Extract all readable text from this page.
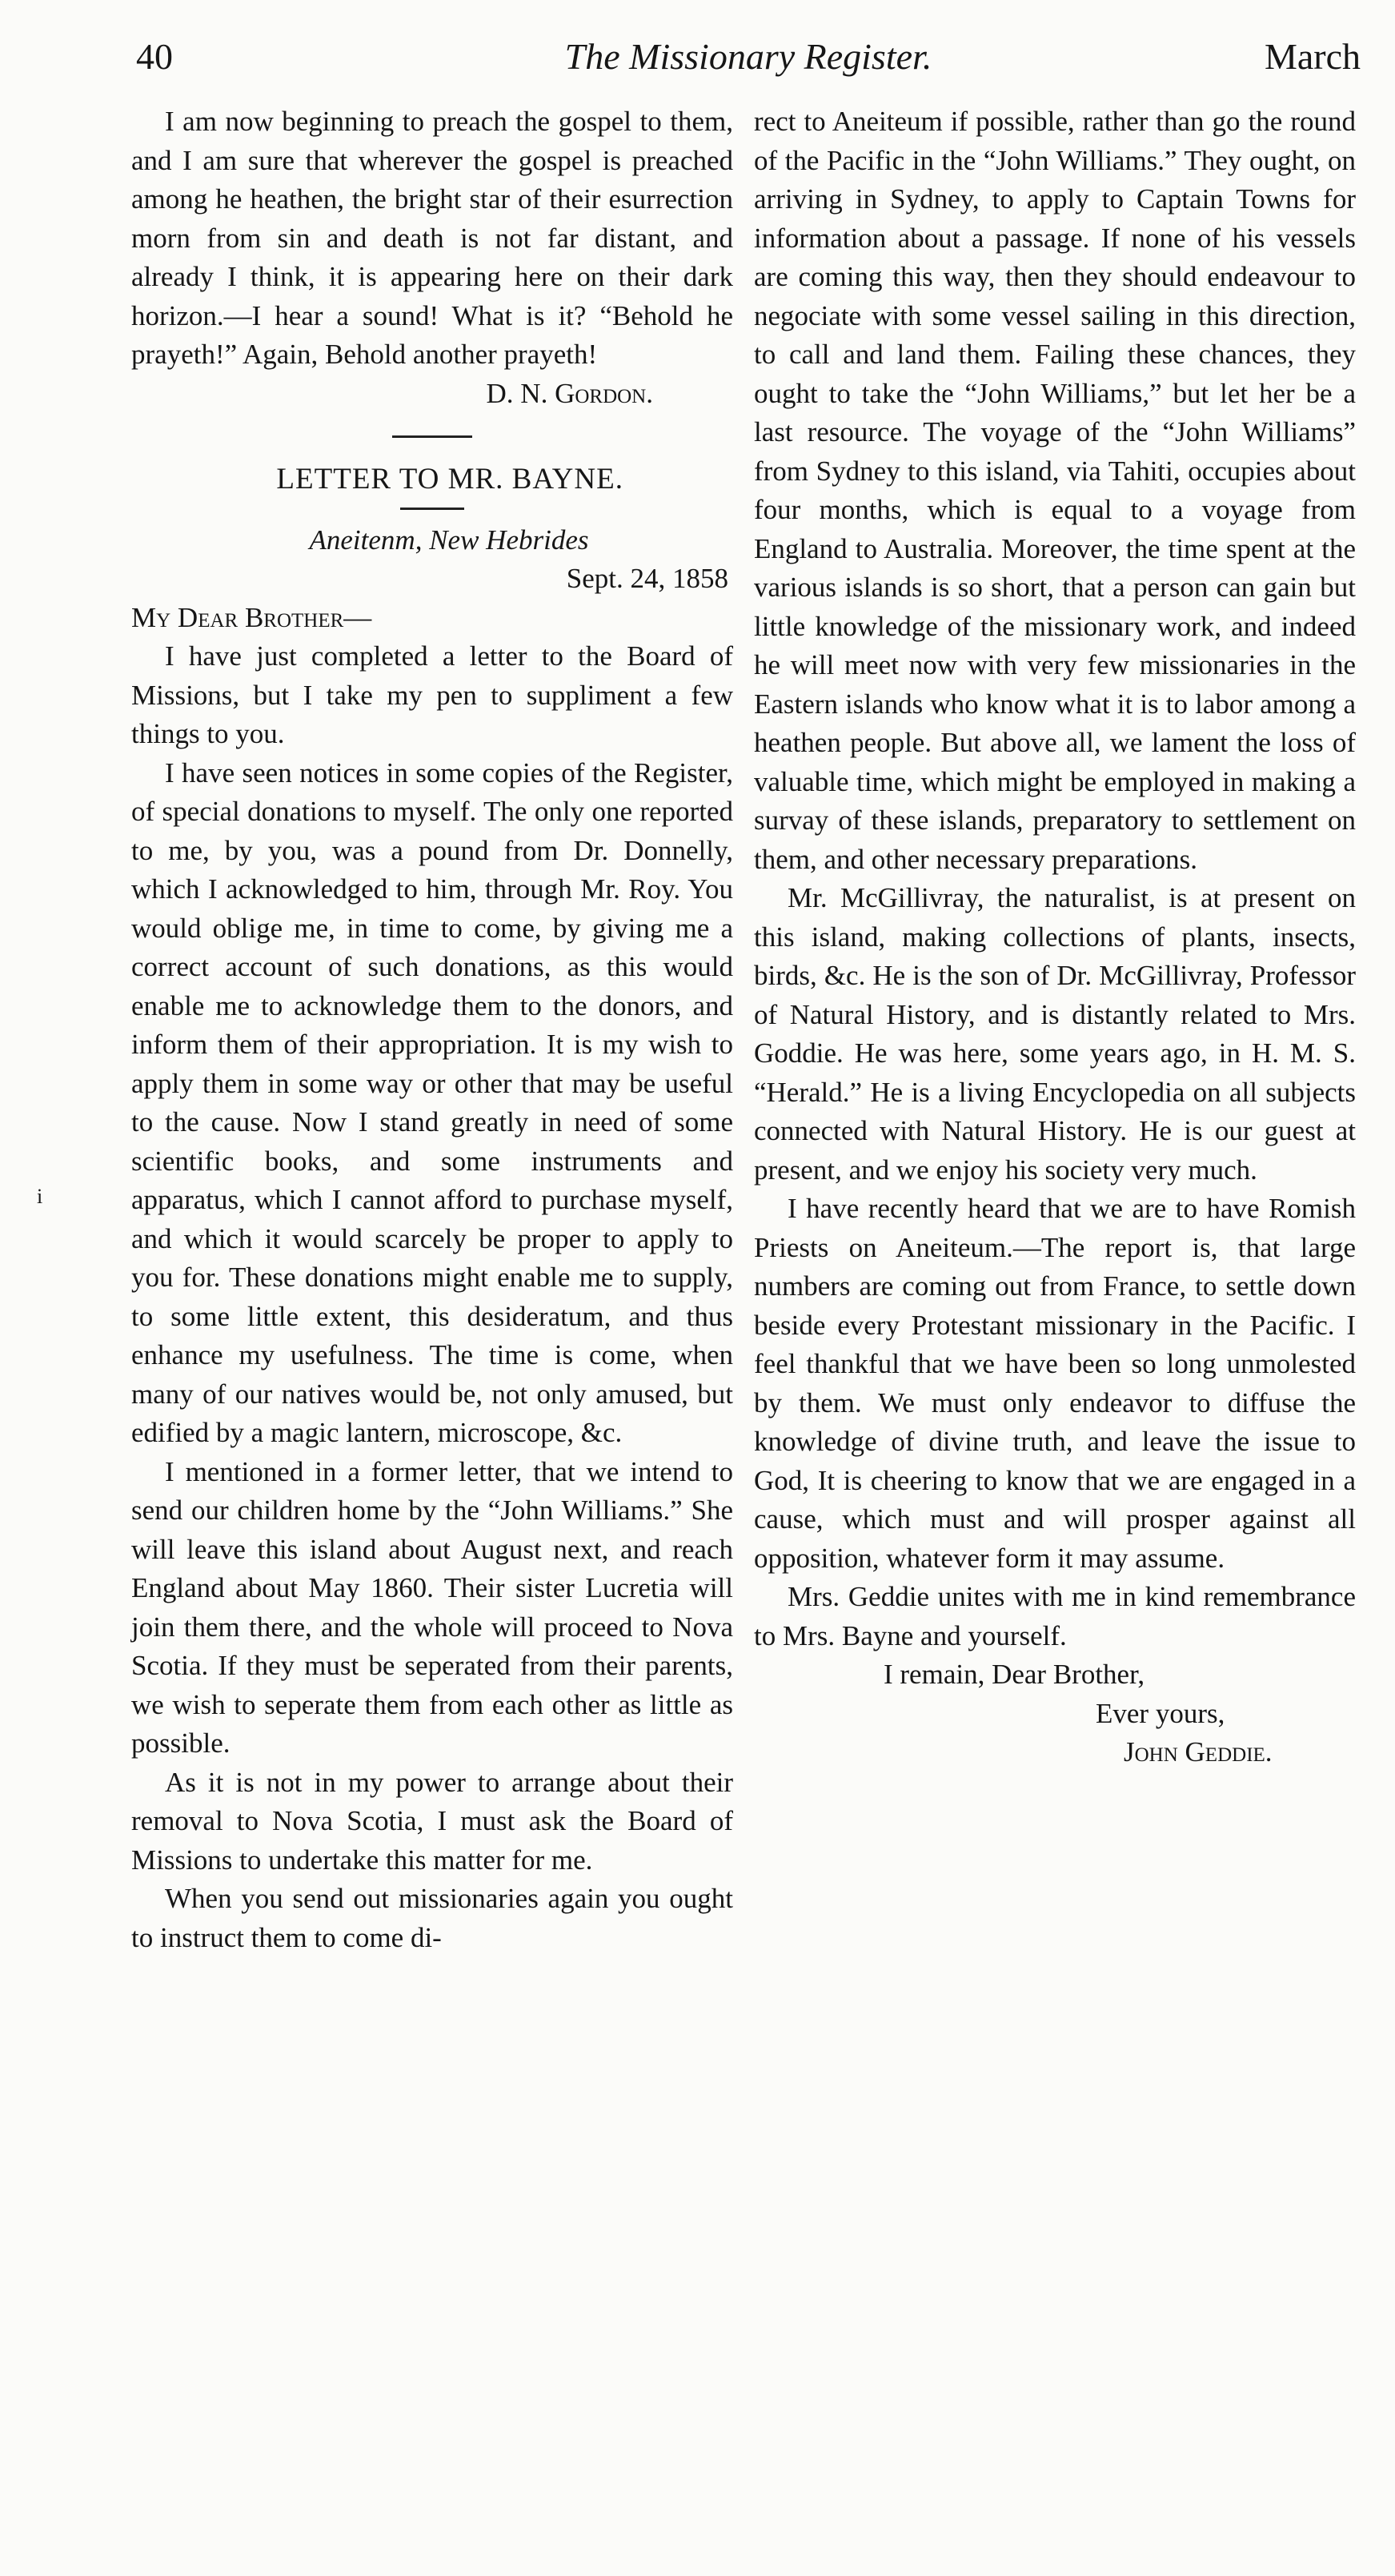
40	The Missionary Register.	March
i

I am now beginning to preach the gospel to them, and I am sure that wherever the gospel is preached among he heathen, the bright star of their esurrection morn from sin and death is not far distant, and already I think, it is appearing here on their dark horizon.—I hear a sound! What is it? “Behold he prayeth!” Again, Behold another prayeth!

D. N. Gordon.

LETTER TO MR. BAYNE.

Aneitenm, New Hebrides

Sept. 24, 1858

My Dear Brother—

I have just completed a letter to the Board of Missions, but I take my pen to suppliment a few things to you.

I have seen notices in some copies of the Register, of special donations to myself. The only one reported to me, by you, was a pound from Dr. Donnelly, which I acknowledged to him, through Mr. Roy. You would oblige me, in time to come, by giving me a correct account of such donations, as this would enable me to acknowledge them to the donors, and inform them of their appropriation. It is my wish to apply them in some way or other that may be useful to the cause. Now I stand greatly in need of some scientific books, and some instruments and apparatus, which I cannot afford to purchase myself, and which it would scarcely be proper to apply to you for. These donations might enable me to supply, to some little extent, this desideratum, and thus enhance my usefulness. The time is come, when many of our natives would be, not only amused, but edified by a magic lantern, microscope, &c.

I mentioned in a former letter, that we intend to send our children home by the “John Williams.” She will leave this island about August next, and reach England about May 1860. Their sister Lucretia will join them there, and the whole will proceed to Nova Scotia. If they must be seperated from their parents, we wish to seperate them from each other as little as possible.

As it is not in my power to arrange about their removal to Nova Scotia, I must ask the Board of Missions to undertake this matter for me.

When you send out missionaries again you ought to instruct them to come di-

rect to Aneiteum if possible, rather than go the round of the Pacific in the “John Williams.” They ought, on arriving in Sydney, to apply to Captain Towns for information about a passage. If none of his vessels are coming this way, then they should endeavour to negociate with some vessel sailing in this direction, to call and land them. Failing these chances, they ought to take the “John Williams,” but let her be a last resource. The voyage of the “John Williams” from Sydney to this island, via Tahiti, occupies about four months, which is equal to a voyage from England to Australia. Moreover, the time spent at the various islands is so short, that a person can gain but little knowledge of the missionary work, and indeed he will meet now with very few missionaries in the Eastern islands who know what it is to labor among a heathen people. But above all, we lament the loss of valuable time, which might be employed in making a survay of these islands, preparatory to settlement on them, and other necessary preparations.

Mr. McGillivray, the naturalist, is at present on this island, making collections of plants, insects, birds, &c. He is the son of Dr. McGillivray, Professor of Natural History, and is distantly related to Mrs. Goddie. He was here, some years ago, in H. M. S. “Herald.” He is a living Encyclopedia on all subjects connected with Natural History. He is our guest at present, and we enjoy his society very much.

I have recently heard that we are to have Romish Priests on Aneiteum.—The report is, that large numbers are coming out from France, to settle down beside every Protestant missionary in the Pacific. I feel thankful that we have been so long unmolested by them. We must only endeavor to diffuse the knowledge of divine truth, and leave the issue to God, It is cheering to know that we are engaged in a cause, which must and will prosper against all opposition, whatever form it may assume.

Mrs. Geddie unites with me in kind remembrance to Mrs. Bayne and yourself.

I remain, Dear Brother,

Ever yours,

John Geddie.
